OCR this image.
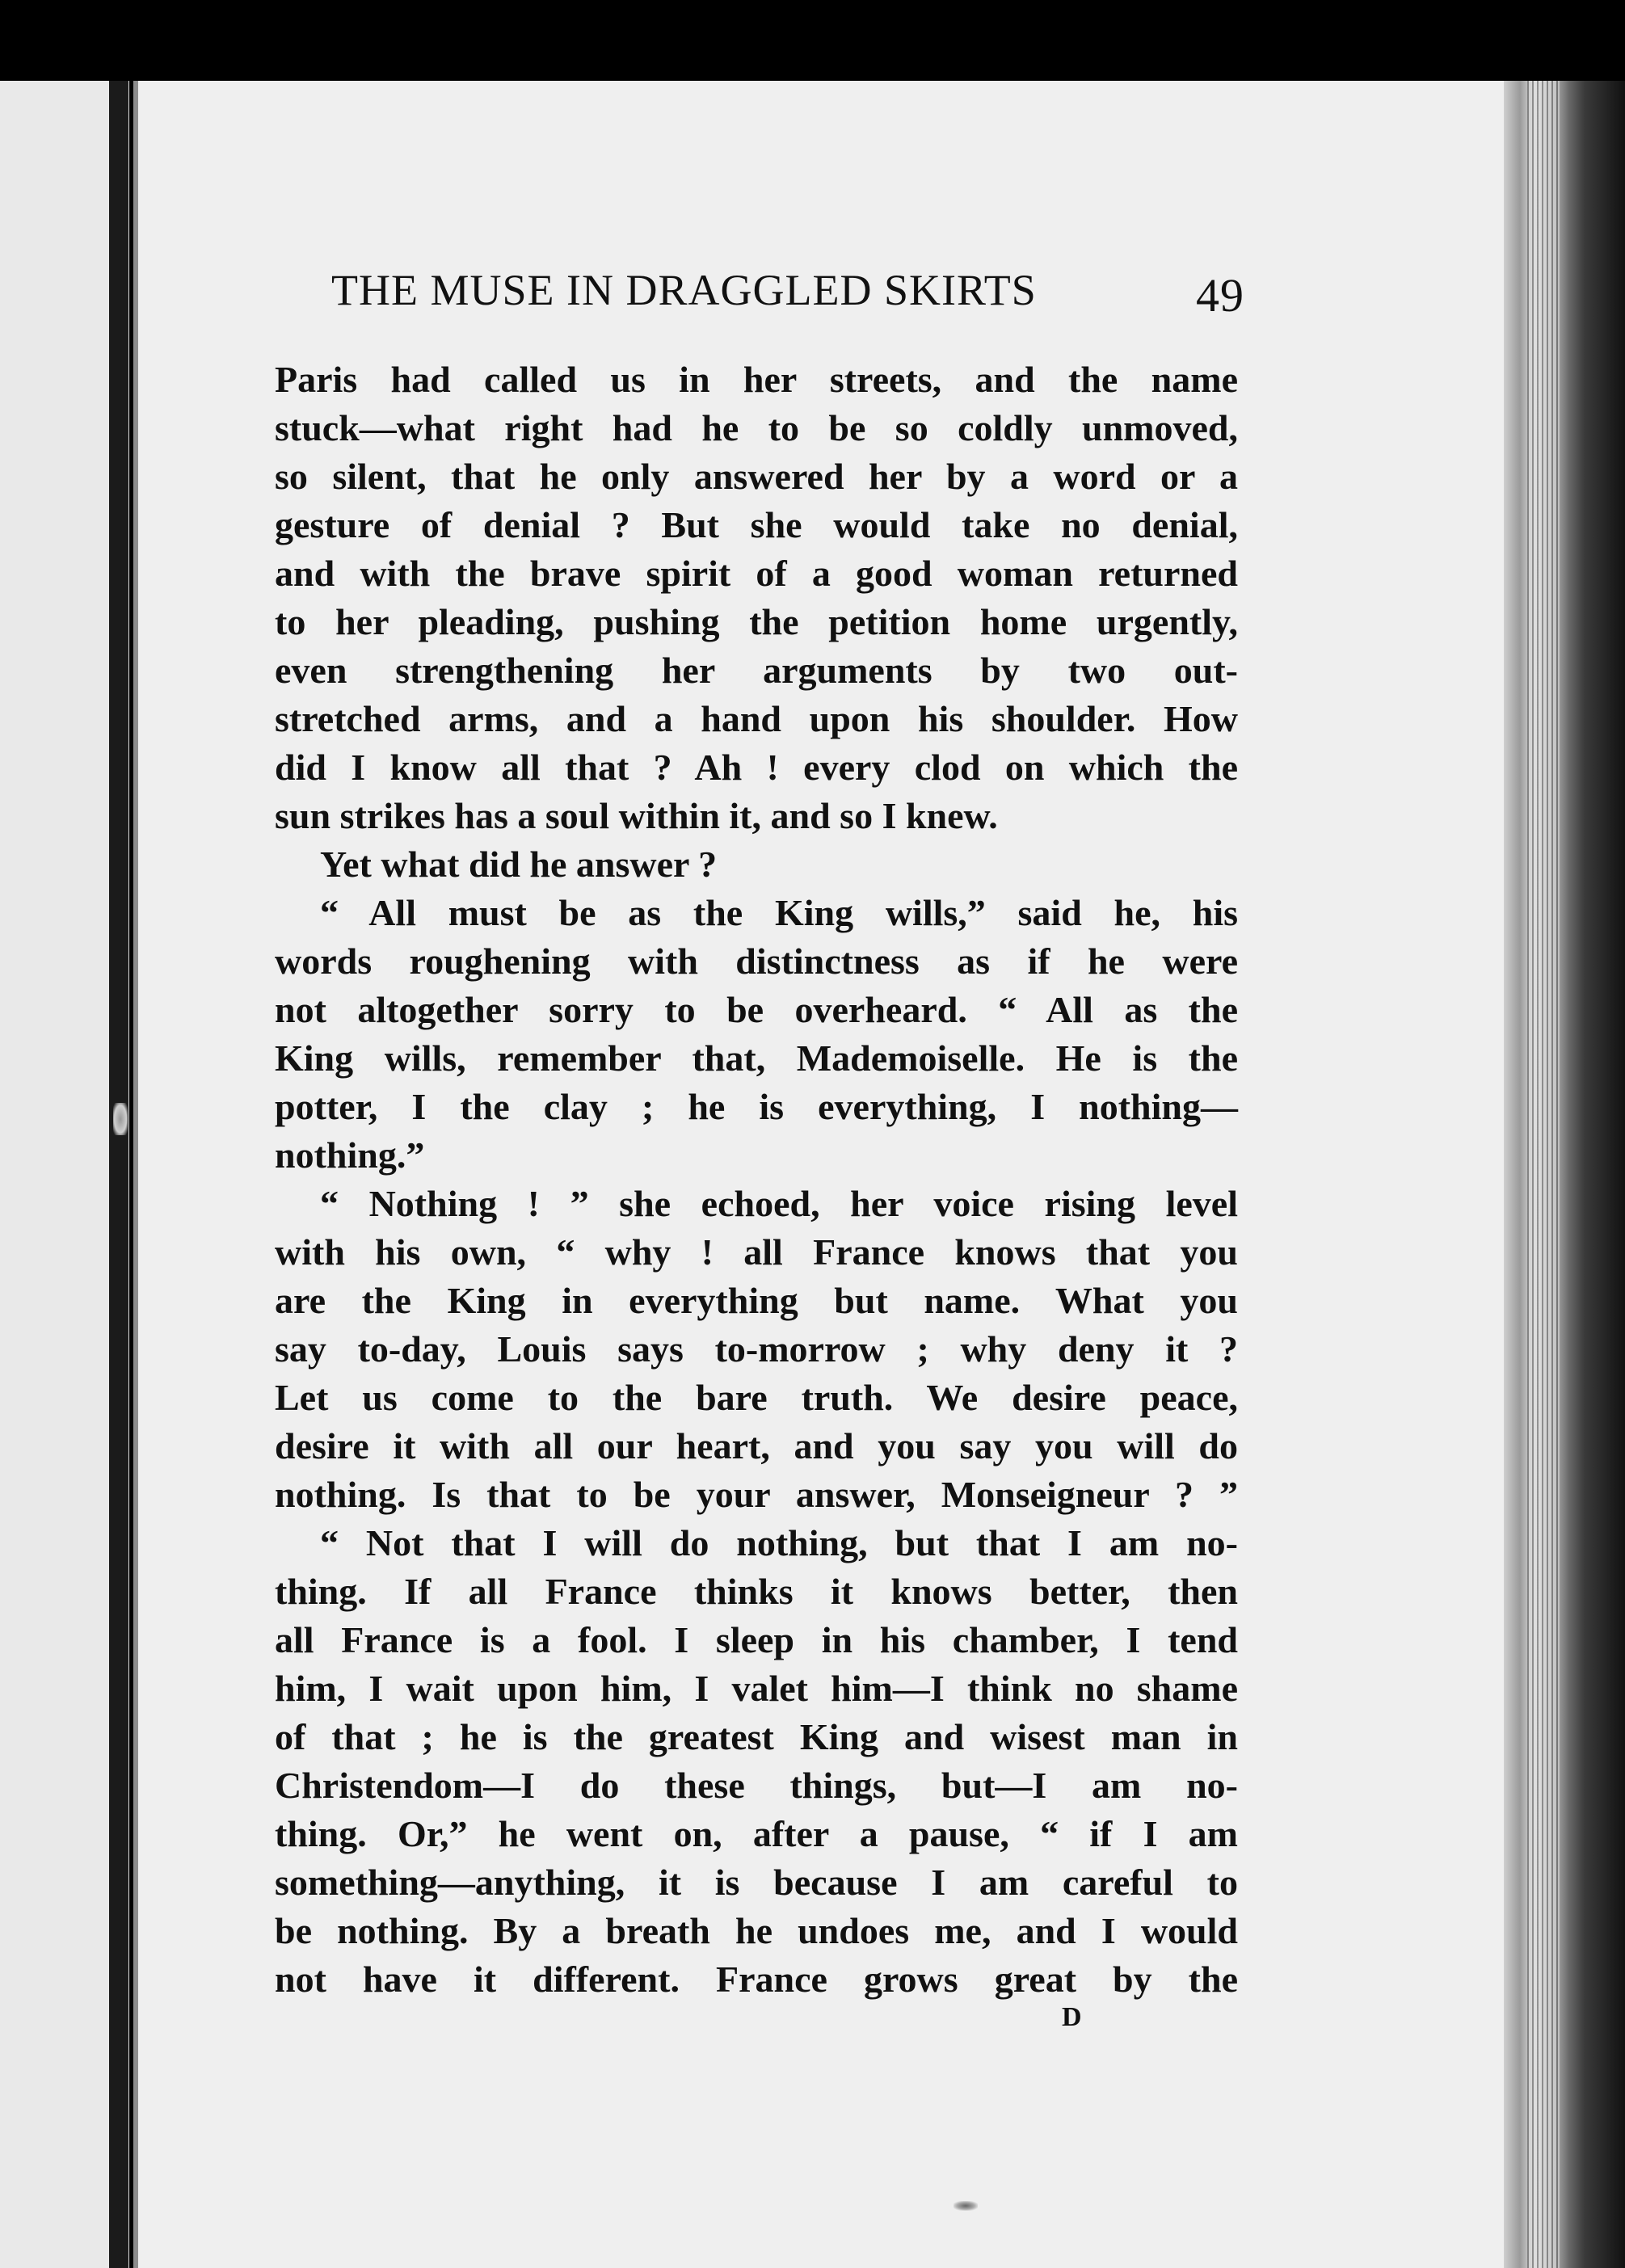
THE MUSE IN DRAGGLED SKIRTS	49
Paris had called us in her streets, and the name
stuck—what right had he to be so coldly unmoved,
so silent, that he only answered her by a word or a
gesture of denial ? But she would take no denial,
and with the brave spirit of a good woman returned
to her pleading, pushing the petition home urgently,
even strengthening her arguments by two out-
stretched arms, and a hand upon his shoulder. How
did I know all that ? Ah ! every clod on which the
sun strikes has a soul within it, and so I knew.
Yet what did he answer ?
“ All must be as the King wills,” said he, his
words roughening with distinctness as if he were
not altogether sorry to be overheard. “ All as the
King wills, remember that, Mademoiselle. He is the
potter, I the clay ; he is everything, I nothing—
nothing.”
“ Nothing ! ” she echoed, her voice rising level
with his own, “ why ! all France knows that you
are the King in everything but name. What you
say to-day, Louis says to-morrow ; why deny it ?
Let us come to the bare truth. We desire peace,
desire it with all our heart, and you say you will do
nothing. Is that to be your answer, Monseigneur ? ”
“ Not that I will do nothing, but that I am no-
thing. If all France thinks it knows better, then
all France is a fool. I sleep in his chamber, I tend
him, I wait upon him, I valet him—I think no shame
of that ; he is the greatest King and wisest man in
Christendom—I do these things, but—I am no-
thing. Or,” he went on, after a pause, “ if I am
something—anything, it is because I am careful to
be nothing. By a breath he undoes me, and I would
not have it different. France grows great by the
D
